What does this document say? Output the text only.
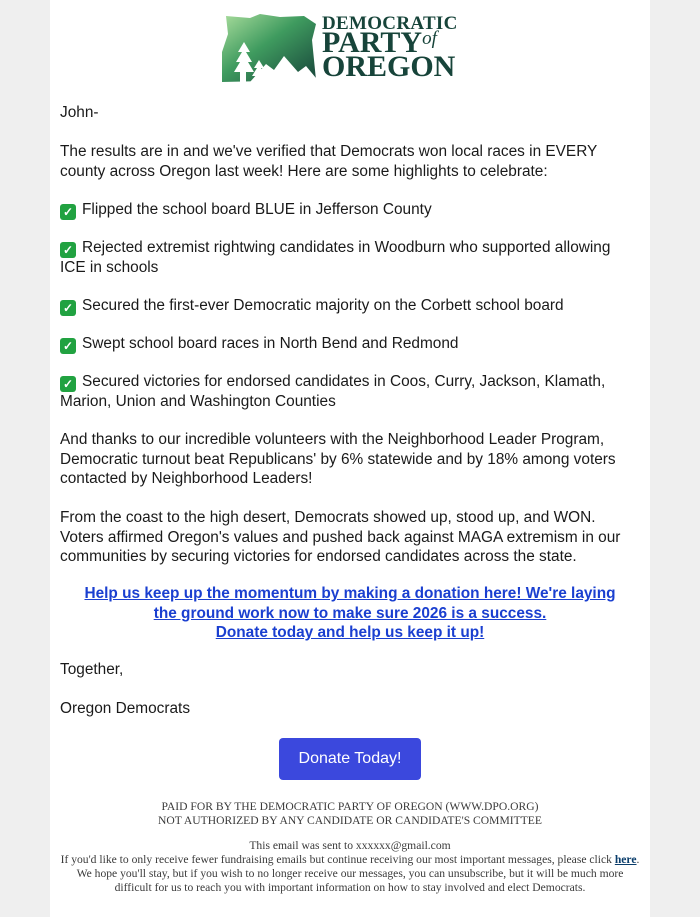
DEMOCRATIC
$PARTY^{of}$
OREGON

John-

The results are in and we've verified that Democrats won local races in EVERY county across Oregon last week! Here are some highlights to celebrate:

✓ Flipped the school board BLUE in Jefferson County

✓ Rejected extremist rightwing candidates in Woodburn who supported allowing ICE in schools

✓ Secured the first-ever Democratic majority on the Corbett school board

✓ Swept school board races in North Bend and Redmond

✓ Secured victories for endorsed candidates in Coos, Curry, Jackson, Klamath, Marion, Union and Washington Counties

And thanks to our incredible volunteers with the Neighborhood Leader Program, Democratic turnout beat Republicans' by 6% statewide and by 18% among voters contacted by Neighborhood Leaders!

From the coast to the high desert, Democrats showed up, stood up, and WON. Voters affirmed Oregon's values and pushed back against MAGA extremism in our communities by securing victories for endorsed candidates across the state.

Help us keep up the momentum by making a donation here! We're laying the ground work now to make sure 2026 is a success.
Donate today and help us keep it up!

Together,

Oregon Democrats

Donate Today!
PAID FOR BY THE DEMOCRATIC PARTY OF OREGON (WWW.DPO.ORG)
NOT AUTHORIZED BY ANY CANDIDATE OR CANDIDATE'S COMMITTEE
This email was sent to xxxxxx@gmail.com
If you'd like to only receive fewer fundraising emails but continue receiving our most important messages, please click here. We hope you'll stay, but if you wish to no longer receive our messages, you can unsubscribe, but it will be much more difficult for us to reach you with important information on how to stay involved and elect Democrats.
